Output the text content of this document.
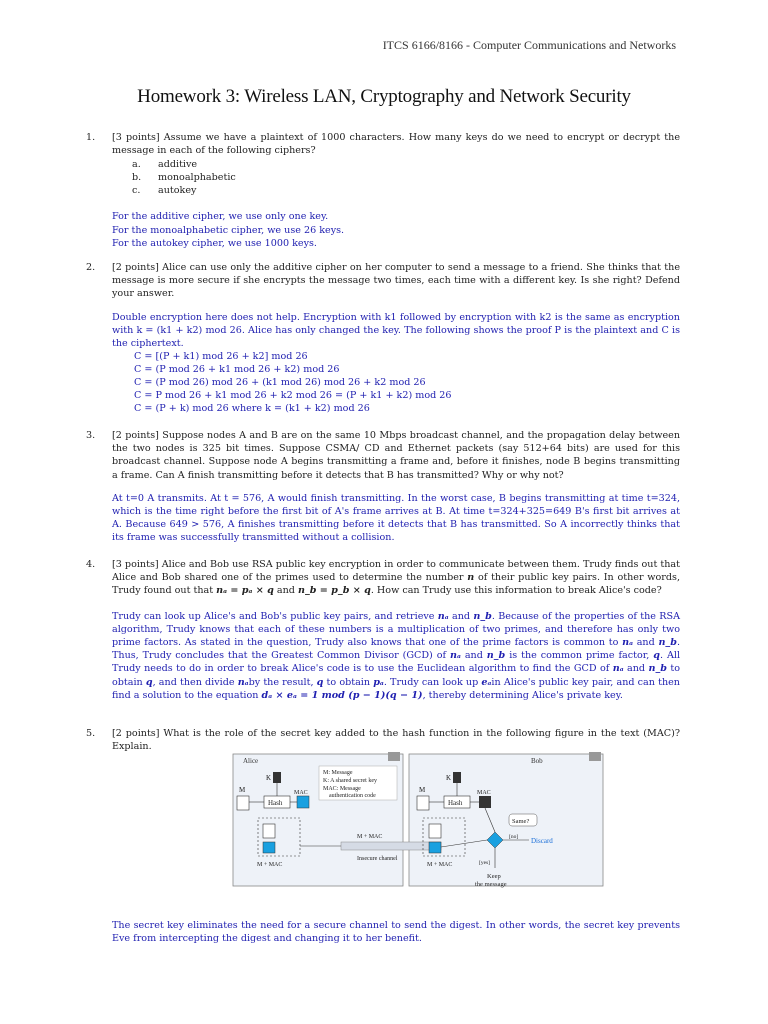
ITCS 6166/8166 - Computer Communications and Networks
Homework 3: Wireless LAN, Cryptography and Network Security
1.	[3 points] Assume we have a plaintext of 1000 characters. How many keys do we need to encrypt or decrypt the message in each of the following ciphers?
a.	additive
b.	monoalphabetic
c.	autokey

For the additive cipher, we use only one key.

For the monoalphabetic cipher, we use 26 keys.

For the autokey cipher, we use 1000 keys.

2.	[2 points] Alice can use only the additive cipher on her computer to send a message to a friend. She thinks that the message is more secure if she encrypts the message two times, each time with a different key. Is she right? Defend your answer.

Double encryption here does not help. Encryption with k1 followed by encryption with k2 is the same as encryption with k = (k1 + k2) mod 26. Alice has only changed the key. The following shows the proof P is the plaintext and C is the ciphertext.

C = [(P + k1) mod 26 + k2] mod 26
C = (P mod 26 + k1 mod 26 + k2) mod 26
C = (P mod 26) mod 26 + (k1 mod 26) mod 26 + k2 mod 26
C = P mod 26 + k1 mod 26 + k2 mod 26 = (P + k1 + k2) mod 26
C = (P + k) mod 26 where k = (k1 + k2) mod 26
3.	[2 points] Suppose nodes A and B are on the same 10 Mbps broadcast channel, and the propagation delay between the two nodes is 325 bit times. Suppose CSMA/ CD and Ethernet packets (say 512+64 bits) are used for this broadcast channel. Suppose node A begins transmitting a frame and, before it finishes, node B begins transmitting a frame. Can A finish transmitting before it detects that B has transmitted? Why or why not?

At t=0 A transmits. At t = 576, A would finish transmitting. In the worst case, B begins transmitting at time t=324, which is the time right before the first bit of A's frame arrives at B. At time t=324+325=649 B's first bit arrives at A. Because 649 > 576, A finishes transmitting before it detects that B has transmitted. So A incorrectly thinks that its frame was successfully transmitted without a collision.

4.	[3 points] Alice and Bob use RSA public key encryption in order to communicate between them. Trudy finds out that Alice and Bob shared one of the primes used to determine the number n of their public key pairs. In other words, Trudy found out that nₐ = pₐ × q and n_b = p_b × q. How can Trudy use this information to break Alice's code?
Trudy can look up Alice's and Bob's public key pairs, and retrieve nₐ and n_b. Because of the properties of the RSA algorithm, Trudy knows that each of these numbers is a multiplication of two primes, and therefore has only two prime factors. As stated in the question, Trudy also knows that one of the prime factors is common to nₐ and n_b. Thus, Trudy concludes that the Greatest Common Divisor (GCD) of nₐ and n_b is the common prime factor, q. All Trudy needs to do in order to break Alice's code is to use the Euclidean algorithm to find the GCD of nₐ and n_b to obtain q, and then divide nₐby the result, q to obtain pₐ. Trudy can look up eₐin Alice's public key pair, and can then find a solution to the equation dₐ × eₐ = 1 mod (p − 1)(q − 1), thereby determining Alice's private key.
5.	[2 points] What is the role of the secret key added to the hash function in the following figure in the text (MAC)? Explain.
Alice	Bob
M: Message
K: A shared secret key
MAC: Message
authentication code
K
M
Hash
MAC
M + MAC
M + MAC
Insecure channel
K
M
Hash
MAC
M + MAC
Same?
[no] Discard
[yes]
Keep
the message

The secret key eliminates the need for a secure channel to send the digest. In other words, the secret key prevents Eve from intercepting the digest and changing it to her benefit.
